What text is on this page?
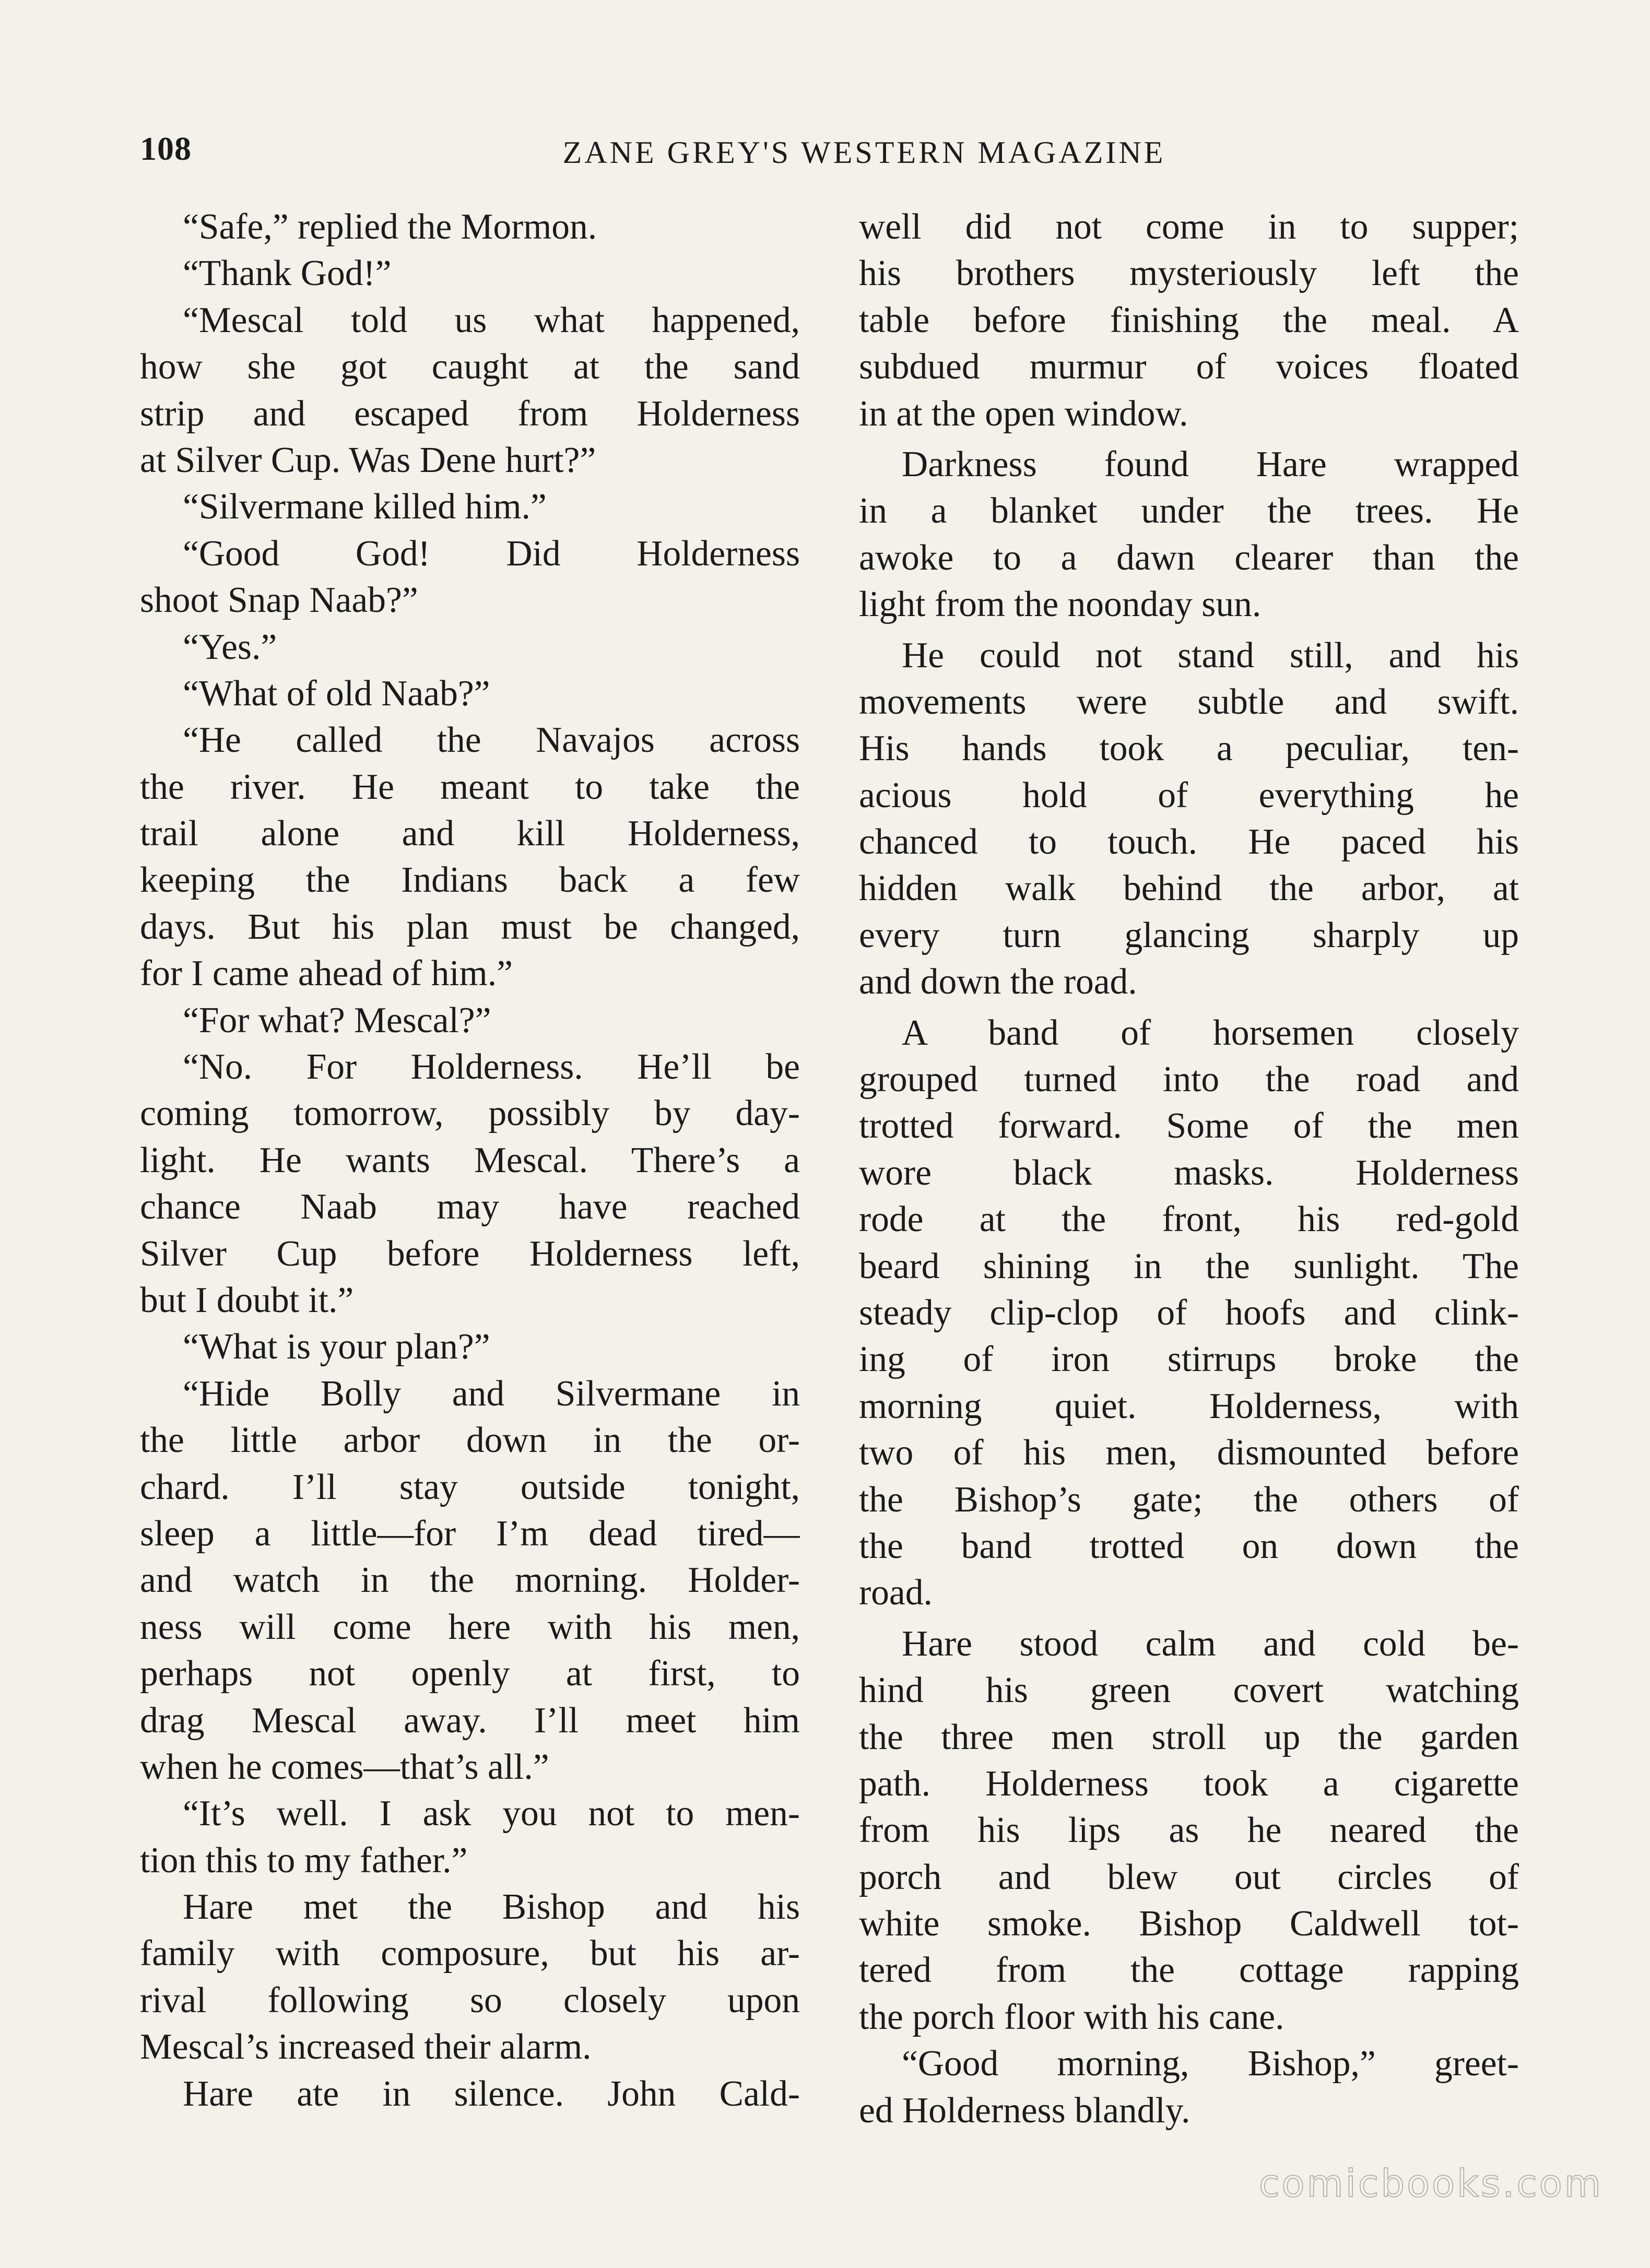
108	ZANE GREY'S WESTERN MAGAZINE
“Safe,” replied the Mormon.
“Thank God!”
“Mescal told us what happened,
how she got caught at the sand
strip and escaped from Holderness
at Silver Cup. Was Dene hurt?”
“Silvermane killed him.”
“Good God! Did Holderness
shoot Snap Naab?”
“Yes.”
“What of old Naab?”
“He called the Navajos across
the river. He meant to take the
trail alone and kill Holderness,
keeping the Indians back a few
days. But his plan must be changed,
for I came ahead of him.”
“For what? Mescal?”
“No. For Holderness. He’ll be
coming tomorrow, possibly by day-
light. He wants Mescal. There’s a
chance Naab may have reached
Silver Cup before Holderness left,
but I doubt it.”
“What is your plan?”
“Hide Bolly and Silvermane in
the little arbor down in the or-
chard. I’ll stay outside tonight,
sleep a little—for I’m dead tired—
and watch in the morning. Holder-
ness will come here with his men,
perhaps not openly at first, to
drag Mescal away. I’ll meet him
when he comes—that’s all.”
“It’s well. I ask you not to men-
tion this to my father.”
Hare met the Bishop and his
family with composure, but his ar-
rival following so closely upon
Mescal’s increased their alarm.
Hare ate in silence. John Cald-
well did not come in to supper;
his brothers mysteriously left the
table before finishing the meal. A
subdued murmur of voices floated
in at the open window.
Darkness found Hare wrapped
in a blanket under the trees. He
awoke to a dawn clearer than the
light from the noonday sun.
He could not stand still, and his
movements were subtle and swift.
His hands took a peculiar, ten-
acious hold of everything he
chanced to touch. He paced his
hidden walk behind the arbor, at
every turn glancing sharply up
and down the road.
A band of horsemen closely
grouped turned into the road and
trotted forward. Some of the men
wore black masks. Holderness
rode at the front, his red-gold
beard shining in the sunlight. The
steady clip-clop of hoofs and clink-
ing of iron stirrups broke the
morning quiet. Holderness, with
two of his men, dismounted before
the Bishop’s gate; the others of
the band trotted on down the
road.
Hare stood calm and cold be-
hind his green covert watching
the three men stroll up the garden
path. Holderness took a cigarette
from his lips as he neared the
porch and blew out circles of
white smoke. Bishop Caldwell tot-
tered from the cottage rapping
the porch floor with his cane.
“Good morning, Bishop,” greet-
ed Holderness blandly.
comicbooks.com
